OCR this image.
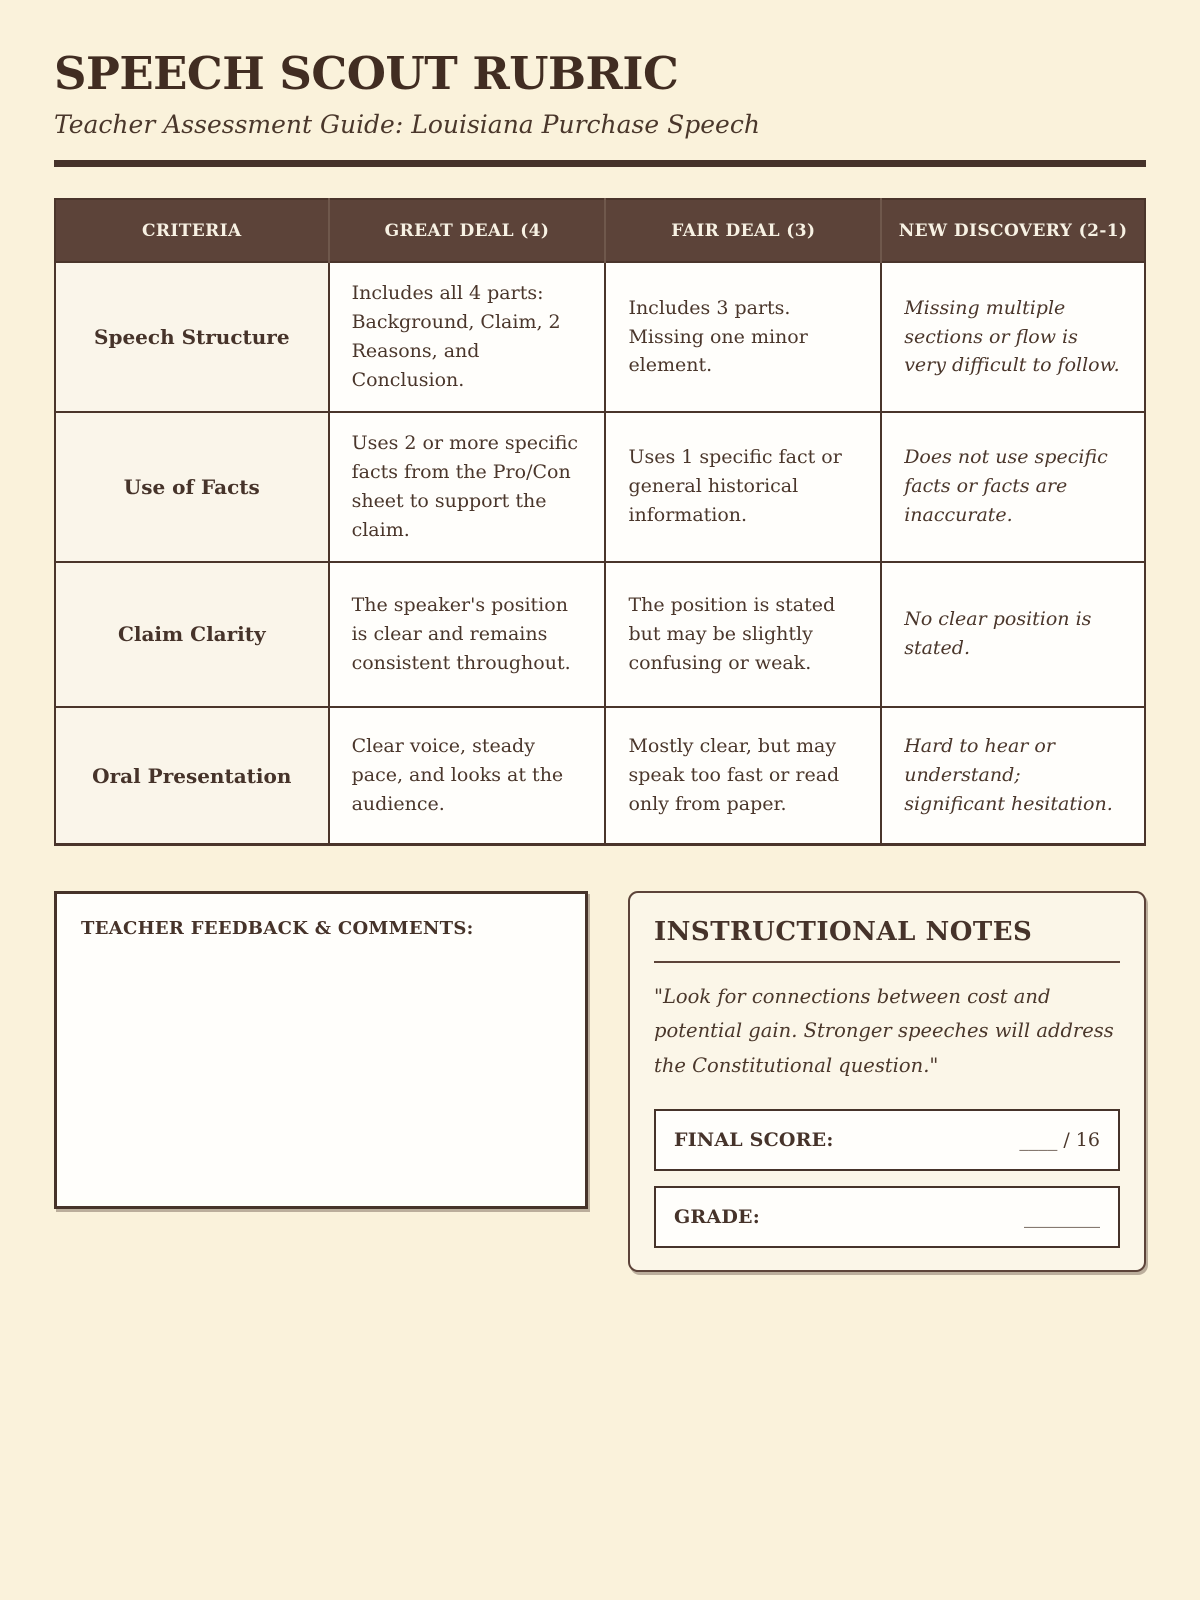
SPEECH SCOUT RUBRIC

Teacher Assessment Guide: Louisiana Purchase Speech

CRITERIA	GREAT DEAL (4)	FAIR DEAL (3)	NEW DISCOVERY (2-1)
Speech Structure	Includes all 4 parts: Background, Claim, 2 Reasons, and Conclusion.	Includes 3 parts. Missing one minor element.	Missing multiple sections or flow is very difficult to follow.
Use of Facts	Uses 2 or more specific facts from the Pro/Con sheet to support the claim.	Uses 1 specific fact or general historical information.	Does not use specific facts or facts are inaccurate.
Claim Clarity	The speaker's position is clear and remains consistent throughout.	The position is stated but may be slightly confusing or weak.	No clear position is stated.
Oral Presentation	Clear voice, steady pace, and looks at the audience.	Mostly clear, but may speak too fast or read only from paper.	Hard to hear or understand; significant hesitation.
TEACHER FEEDBACK & COMMENTS:	INSTRUCTIONAL NOTES

"Look for connections between cost and potential gain. Stronger speeches will address the Constitutional question."

FINAL SCORE:	____ / 16
GRADE:	________
